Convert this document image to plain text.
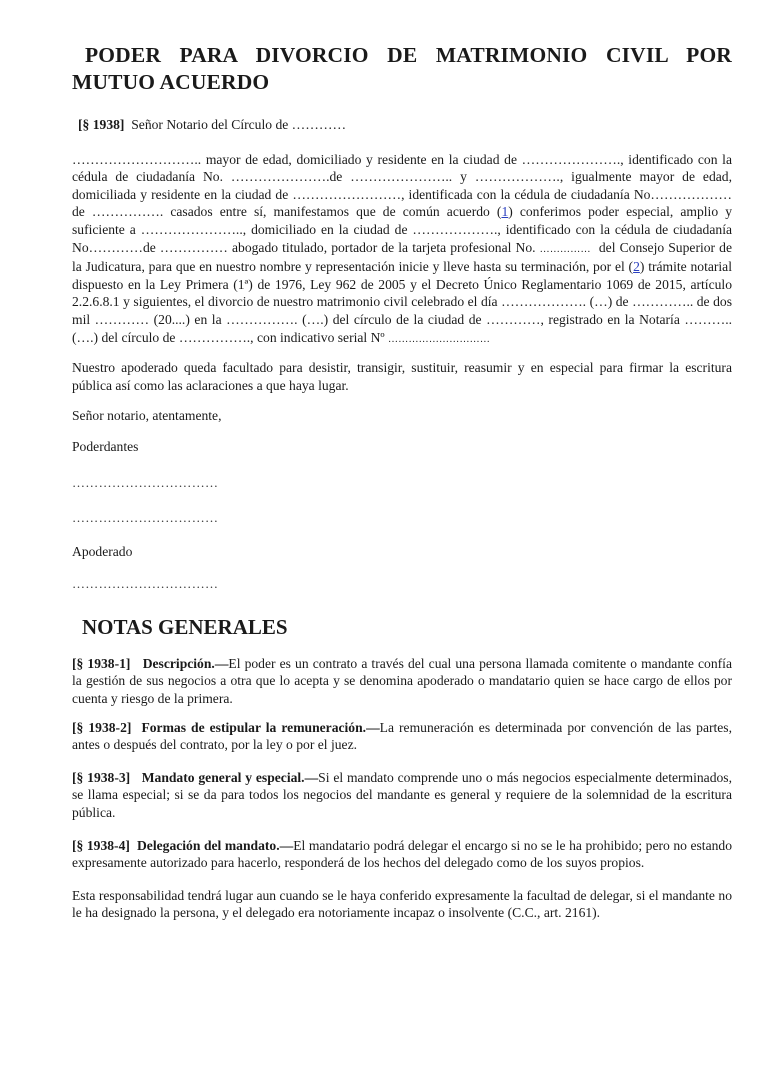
PODER PARA DIVORCIO DE MATRIMONIO CIVIL POR MUTUO ACUERDO

[§ 1938] Señor Notario del Círculo de …………

……………………….. mayor de edad, domiciliado y residente en la ciudad de …………………., identificado con la cédula de ciudadanía No. ………………….de ………………….. y ………………., igualmente mayor de edad, domiciliada y residente en la ciudad de ……………………, identificada con la cédula de ciudadanía No……………… de ……………. casados entre sí, manifestamos que de común acuerdo (1) conferimos poder especial, amplio y suficiente a ………………….., domiciliado en la ciudad de ………………., identificado con la cédula de ciudadanía No…………de …………… abogado titulado, portador de la tarjeta profesional No. …………… del Consejo Superior de la Judicatura, para que en nuestro nombre y representación inicie y lleve hasta su terminación, por el (2) trámite notarial dispuesto en la Ley Primera (1ª) de 1976, Ley 962 de 2005 y el Decreto Único Reglamentario 1069 de 2015, artículo 2.2.6.8.1 y siguientes, el divorcio de nuestro matrimonio civil celebrado el día ………………. (…) de ………….. de dos mil ………… (20....) en la ……………. (….) del círculo de la ciudad de …………, registrado en la Notaría ……….. (….) del círculo de ……………., con indicativo serial Nº …………………………

Nuestro apoderado queda facultado para desistir, transigir, sustituir, reasumir y en especial para firmar la escritura pública así como las aclaraciones a que haya lugar.

Señor notario, atentamente,

Poderdantes

……………………………

……………………………

Apoderado

……………………………

NOTAS GENERALES

[§ 1938-1] Descripción.—El poder es un contrato a través del cual una persona llamada comitente o mandante confía la gestión de sus negocios a otra que lo acepta y se denomina apoderado o mandatario quien se hace cargo de ellos por cuenta y riesgo de la primera.

[§ 1938-2] Formas de estipular la remuneración.—La remuneración es determinada por convención de las partes, antes o después del contrato, por la ley o por el juez.

[§ 1938-3] Mandato general y especial.—Si el mandato comprende uno o más negocios especialmente determinados, se llama especial; si se da para todos los negocios del mandante es general y requiere de la solemnidad de la escritura pública.

[§ 1938-4] Delegación del mandato.—El mandatario podrá delegar el encargo si no se le ha prohibido; pero no estando expresamente autorizado para hacerlo, responderá de los hechos del delegado como de los suyos propios.

Esta responsabilidad tendrá lugar aun cuando se le haya conferido expresamente la facultad de delegar, si el mandante no le ha designado la persona, y el delegado era notoriamente incapaz o insolvente (C.C., art. 2161).
